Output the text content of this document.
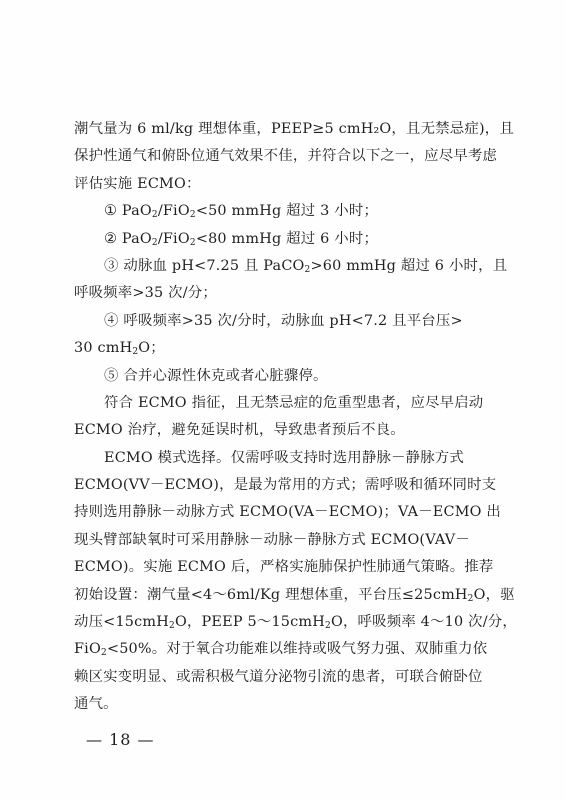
潮气量为 6 ml/kg 理想体重，PEEP≥5 cmH₂O，且无禁忌症)，且
保护性通气和俯卧位通气效果不佳，并符合以下之一，应尽早考虑
评估实施 ECMO：
① PaO$_2$/FiO$_2$<50 mmHg 超过 3 小时；
② PaO$_2$/FiO$_2$<80 mmHg 超过 6 小时；
③ 动脉血 pH<7.25 且 PaCO$_2$>60 mmHg 超过 6 小时，且
呼吸频率>35 次/分；
④ 呼吸频率>35 次/分时，动脉血 pH<7.2 且平台压>
30 cmH$_2$O；
⑤ 合并心源性休克或者心脏骤停。
符合 ECMO 指征，且无禁忌症的危重型患者，应尽早启动
ECMO 治疗，避免延误时机，导致患者预后不良。
ECMO 模式选择。仅需呼吸支持时选用静脉－静脉方式
ECMO(VV－ECMO)，是最为常用的方式；需呼吸和循环同时支
持则选用静脉－动脉方式 ECMO(VA－ECMO)；VA－ECMO 出
现头臂部缺氧时可采用静脉－动脉－静脉方式 ECMO(VAV－
ECMO)。实施 ECMO 后，严格实施肺保护性肺通气策略。推荐
初始设置：潮气量<4～6ml/Kg 理想体重，平台压≤25cmH$_2$O，驱
动压<15cmH$_2$O，PEEP 5～15cmH$_2$O，呼吸频率 4～10 次/分，
FiO$_2$<50%。对于氧合功能难以维持或吸气努力强、双肺重力依
赖区实变明显、或需积极气道分泌物引流的患者，可联合俯卧位
通气。
— 18 —
